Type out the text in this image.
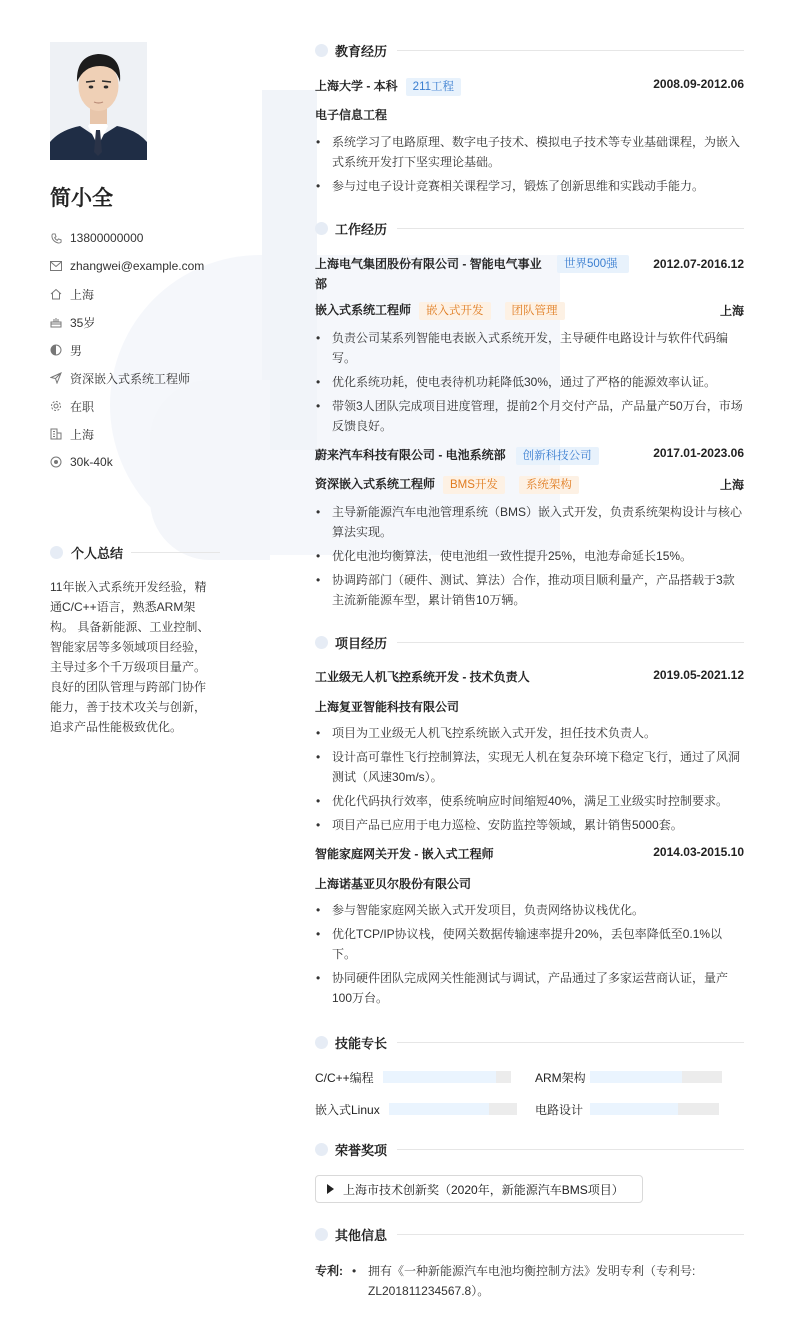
简小全
13800000000
zhangwei@example.com
上海
35岁
男
资深嵌入式系统工程师
在职
上海
30k-40k
个人总结
11年嵌入式系统开发经验，精通C/C++语言，熟悉ARM架构。 具备新能源、工业控制、智能家居等多领域项目经验，主导过多个千万级项目量产。良好的团队管理与跨部门协作能力，善于技术攻关与创新，追求产品性能极致优化。
教育经历
上海大学 - 本科 211工程	2008.09-2012.06
电子信息工程
• 系统学习了电路原理、数字电子技术、模拟电子技术等专业基础课程，为嵌入式系统开发打下坚实理论基础。
• 参与过电子设计竞赛相关课程学习，锻炼了创新思维和实践动手能力。
工作经历
上海电气集团股份有限公司 - 智能电气事业部
世界500强	2012.07-2016.12
嵌入式系统工程师 嵌入式开发 团队管理	上海
• 负责公司某系列智能电表嵌入式系统开发，主导硬件电路设计与软件代码编写。
• 优化系统功耗，使电表待机功耗降低30%，通过了严格的能源效率认证。
• 带领3人团队完成项目进度管理，提前2个月交付产品，产品量产50万台，市场反馈良好。
蔚来汽车科技有限公司 - 电池系统部 创新科技公司	2017.01-2023.06
资深嵌入式系统工程师 BMS开发 系统架构	上海
• 主导新能源汽车电池管理系统（BMS）嵌入式开发，负责系统架构设计与核心算法实现。
• 优化电池均衡算法，使电池组一致性提升25%，电池寿命延长15%。
• 协调跨部门（硬件、测试、算法）合作，推动项目顺利量产，产品搭载于3款主流新能源车型，累计销售10万辆。
项目经历
工业级无人机飞控系统开发 - 技术负责人	2019.05-2021.12
上海复亚智能科技有限公司
• 项目为工业级无人机飞控系统嵌入式开发，担任技术负责人。
• 设计高可靠性飞行控制算法，实现无人机在复杂环境下稳定飞行，通过了风洞测试（风速30m/s）。
• 优化代码执行效率，使系统响应时间缩短40%，满足工业级实时控制要求。
• 项目产品已应用于电力巡检、安防监控等领域，累计销售5000套。
智能家庭网关开发 - 嵌入式工程师	2014.03-2015.10
上海诺基亚贝尔股份有限公司
• 参与智能家庭网关嵌入式开发项目，负责网络协议栈优化。
• 优化TCP/IP协议栈，使网关数据传输速率提升20%，丢包率降低至0.1%以下。
• 协同硬件团队完成网关性能测试与调试，产品通过了多家运营商认证，量产100万台。
技能专长
C/C++编程	ARM架构
嵌入式Linux	电路设计
荣誉奖项
上海市技术创新奖（2020年，新能源汽车BMS项目）
其他信息
专利:
•	拥有《一种新能源汽车电池均衡控制方法》发明专利（专利号: ZL201811234567.8）。
